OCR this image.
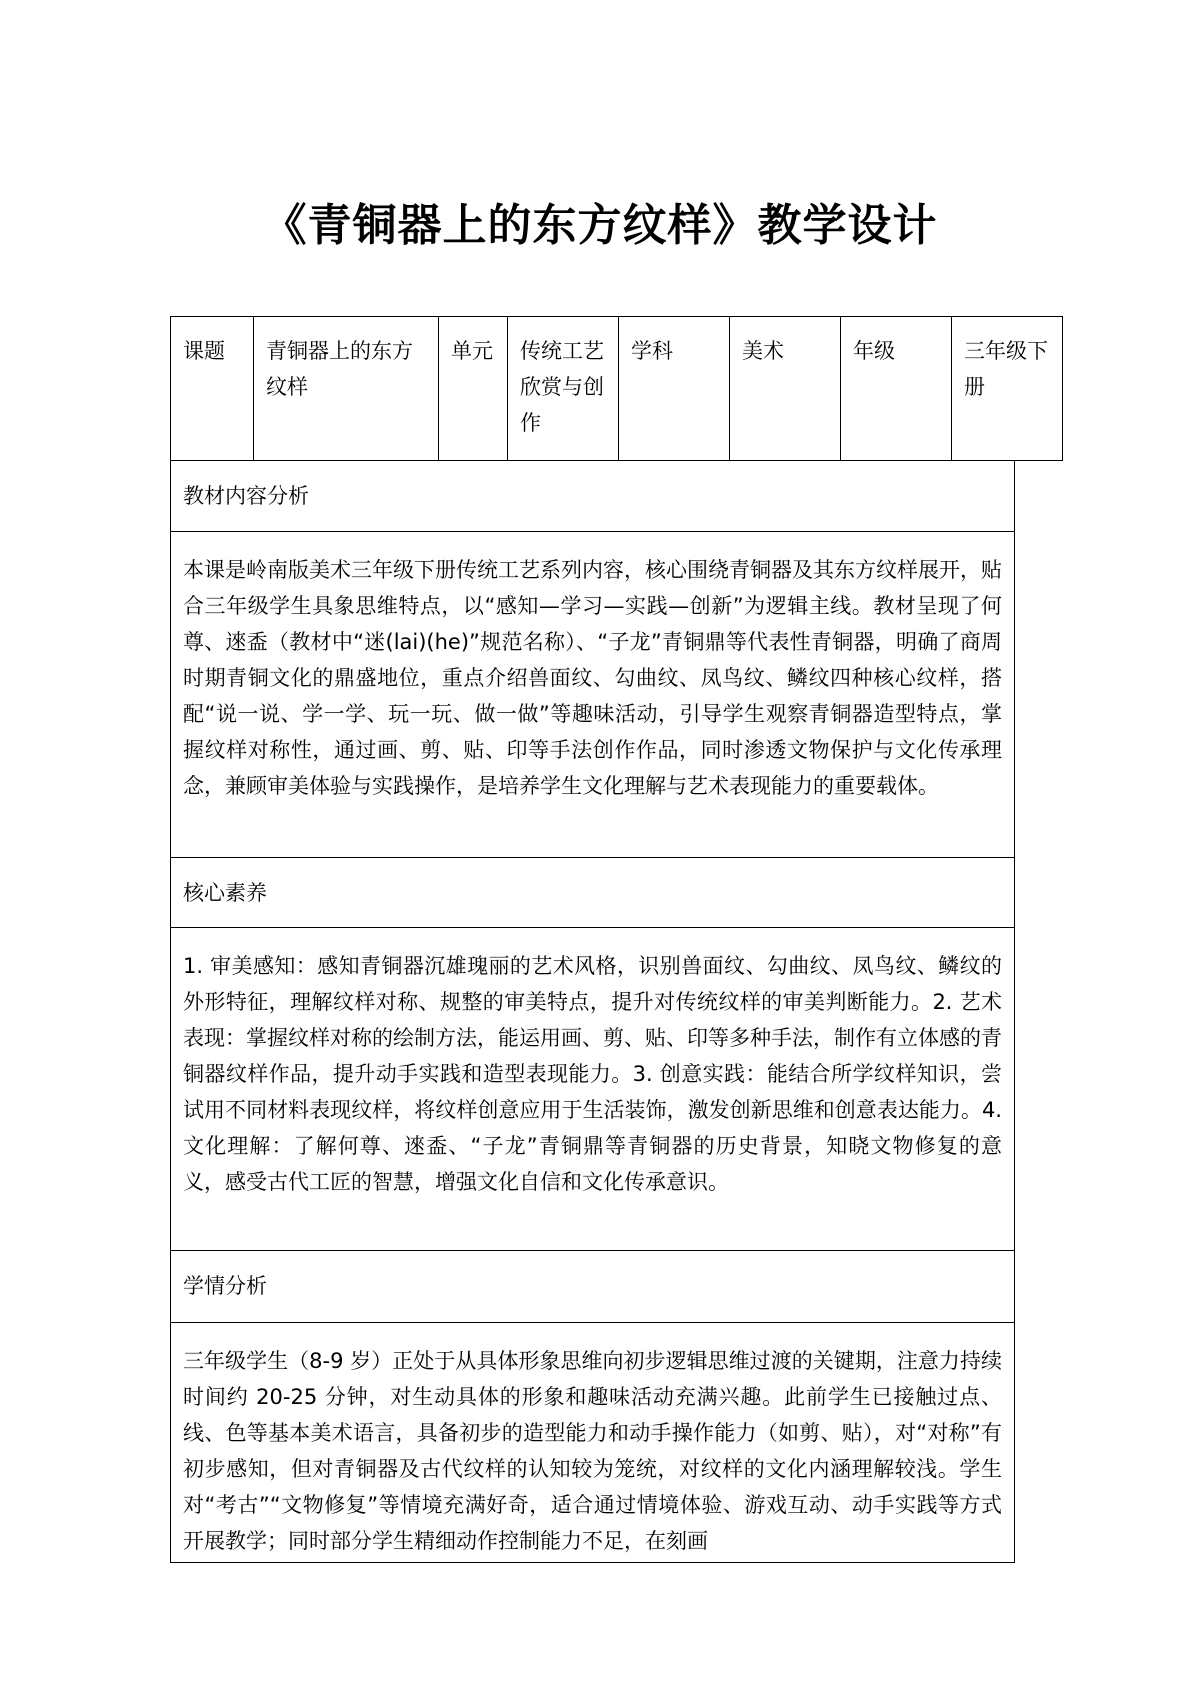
《青铜器上的东方纹样》教学设计
课题	青铜器上的东方纹样	单元	传统工艺欣赏与创作	学科	美术	年级	三年级下册
教材内容分析

本课是岭南版美术三年级下册传统工艺系列内容，核心围绕青铜器及其东方纹样展开，贴合三年级学生具象思维特点，以“感知—学习—实践—创新”为逻辑主线。教材呈现了何尊、逨盉（教材中“迷(lai)(he)”规范名称）、“子龙”青铜鼎等代表性青铜器，明确了商周时期青铜文化的鼎盛地位，重点介绍兽面纹、勾曲纹、凤鸟纹、鳞纹四种核心纹样，搭配“说一说、学一学、玩一玩、做一做”等趣味活动，引导学生观察青铜器造型特点，掌握纹样对称性，通过画、剪、贴、印等手法创作作品，同时渗透文物保护与文化传承理念，兼顾审美体验与实践操作，是培养学生文化理解与艺术表现能力的重要载体。

核心素养

1. 审美感知：感知青铜器沉雄瑰丽的艺术风格，识别兽面纹、勾曲纹、凤鸟纹、鳞纹的外形特征，理解纹样对称、规整的审美特点，提升对传统纹样的审美判断能力。2. 艺术表现：掌握纹样对称的绘制方法，能运用画、剪、贴、印等多种手法，制作有立体感的青铜器纹样作品，提升动手实践和造型表现能力。3. 创意实践：能结合所学纹样知识，尝试用不同材料表现纹样，将纹样创意应用于生活装饰，激发创新思维和创意表达能力。4. 文化理解：了解何尊、逨盉、“子龙”青铜鼎等青铜器的历史背景，知晓文物修复的意义，感受古代工匠的智慧，增强文化自信和文化传承意识。

学情分析

三年级学生（8-9 岁）正处于从具体形象思维向初步逻辑思维过渡的关键期，注意力持续时间约 20-25 分钟，对生动具体的形象和趣味活动充满兴趣。此前学生已接触过点、线、色等基本美术语言，具备初步的造型能力和动手操作能力（如剪、贴），对“对称”有初步感知，但对青铜器及古代纹样的认知较为笼统，对纹样的文化内涵理解较浅。学生对“考古”“文物修复”等情境充满好奇，适合通过情境体验、游戏互动、动手实践等方式开展教学；同时部分学生精细动作控制能力不足，在刻画
